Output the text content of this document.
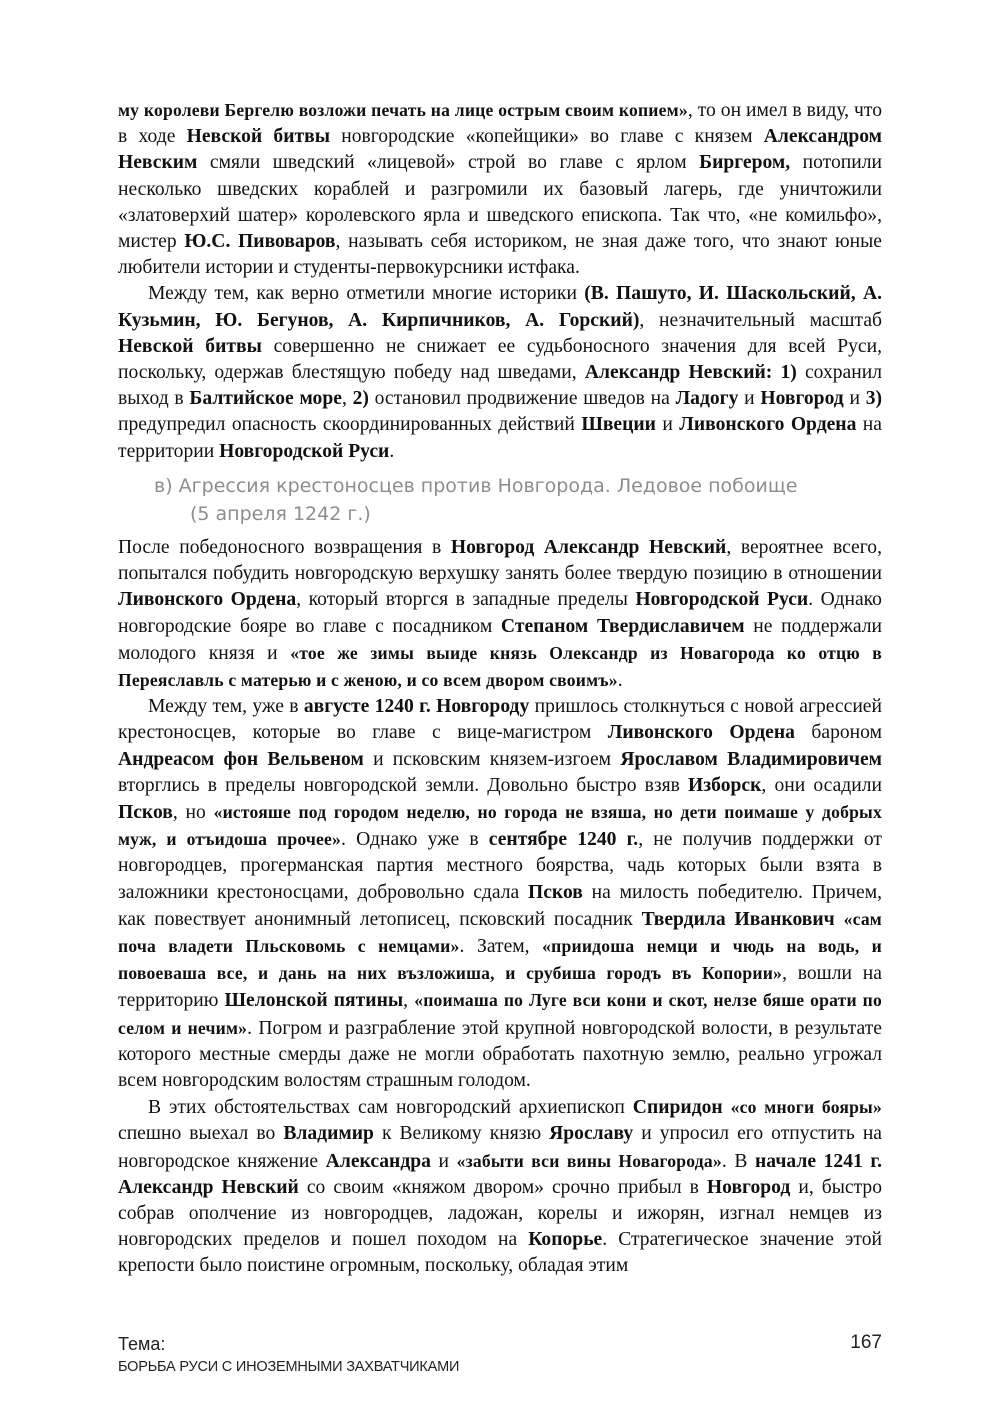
му королеви Бергелю возложи печать на лице острым своим копием», то он имел в виду, что в ходе Невской битвы новгородские «копейщики» во главе с князем Александром Невским смяли шведский «лицевой» строй во главе с ярлом Биргером, потопили несколько шведских кораблей и разгромили их базовый лагерь, где уничтожили «златоверхий шатер» королевского ярла и шведского епископа. Так что, «не комильфо», мистер Ю.С. Пивоваров, называть себя историком, не зная даже того, что знают юные любители истории и студенты-первокурсники истфака.

Между тем, как верно отметили многие историки (В. Пашуто, И. Шаскольский, А. Кузьмин, Ю. Бегунов, А. Кирпичников, А. Горский), незначительный масштаб Невской битвы совершенно не снижает ее судьбоносного значения для всей Руси, поскольку, одержав блестящую победу над шведами, Александр Невский: 1) сохранил выход в Балтийское море, 2) остановил продвижение шведов на Ладогу и Новгород и 3) предупредил опасность скоординированных действий Швеции и Ливонского Ордена на территории Новгородской Руси.

в) Агрессия крестоносцев против Новгорода. Ледовое побоище
(5 апреля 1242 г.)

После победоносного возвращения в Новгород Александр Невский, вероятнее всего, попытался побудить новгородскую верхушку занять более твердую позицию в отношении Ливонского Ордена, который вторгся в западные пределы Новгородской Руси. Однако новгородские бояре во главе с посадником Степаном Твердиславичем не поддержали молодого князя и «тое же зимы выиде князь Олександр из Новагорода ко отцю в Переяславль с матерью и с женою, и со всем двором своимъ».

Между тем, уже в августе 1240 г. Новгороду пришлось столкнуться с новой агрессией крестоносцев, которые во главе с вице-магистром Ливонского Ордена бароном Андреасом фон Вельвеном и псковским князем-изгоем Ярославом Владимировичем вторглись в пределы новгородской земли. Довольно быстро взяв Изборск, они осадили Псков, но «истояше под городом неделю, но города не взяша, но дети поимаше у добрых муж, и отъидоша прочее». Однако уже в сентябре 1240 г., не получив поддержки от новгородцев, прогерманская партия местного боярства, чадь которых были взята в заложники крестоносцами, добровольно сдала Псков на милость победителю. Причем, как повествует анонимный летописец, псковский посадник Твердила Иванкович «сам поча владети Пльсковомь с немцами». Затем, «приидоша немци и чюдь на водь, и повоеваша все, и дань на них възложиша, и срубиша городъ въ Копории», вошли на территорию Шелонской пятины, «поимаша по Луге вси кони и скот, нелзе бяше орати по селом и нечим». Погром и разграбление этой крупной новгородской волости, в результате которого местные смерды даже не могли обработать пахотную землю, реально угрожал всем новгородским волостям страшным голодом.

В этих обстоятельствах сам новгородский архиепископ Спиридон «со многи бояры» спешно выехал во Владимир к Великому князю Ярославу и упросил его отпустить на новгородское княжение Александра и «забыти вси вины Новагорода». В начале 1241 г. Александр Невский со своим «княжом двором» срочно прибыл в Новгород и, быстро собрав ополчение из новгородцев, ладожан, корелы и ижорян, изгнал немцев из новгородских пределов и пошел походом на Копорье. Стратегическое значение этой крепости было поистине огромным, поскольку, обладая этим

Тема:
БОРЬБА РУСИ С ИНОЗЕМНЫМИ ЗАХВАТЧИКАМИ
167
